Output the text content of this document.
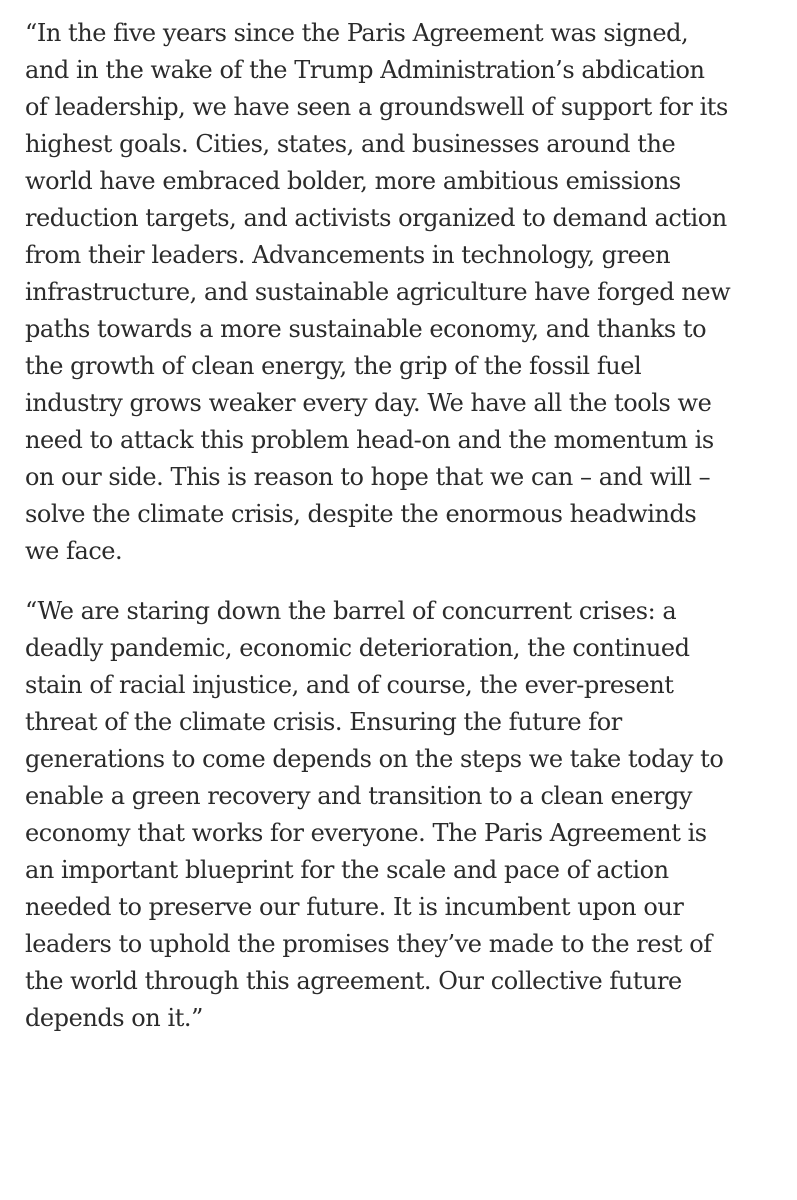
“In the five years since the Paris Agreement was signed,
and in the wake of the Trump Administration’s abdication
of leadership, we have seen a groundswell of support for its
highest goals. Cities, states, and businesses around the
world have embraced bolder, more ambitious emissions
reduction targets, and activists organized to demand action
from their leaders. Advancements in technology, green
infrastructure, and sustainable agriculture have forged new
paths towards a more sustainable economy, and thanks to
the growth of clean energy, the grip of the fossil fuel
industry grows weaker every day. We have all the tools we
need to attack this problem head-on and the momentum is
on our side. This is reason to hope that we can – and will –
solve the climate crisis, despite the enormous headwinds
we face.

“We are staring down the barrel of concurrent crises: a
deadly pandemic, economic deterioration, the continued
stain of racial injustice, and of course, the ever-present
threat of the climate crisis. Ensuring the future for
generations to come depends on the steps we take today to
enable a green recovery and transition to a clean energy
economy that works for everyone. The Paris Agreement is
an important blueprint for the scale and pace of action
needed to preserve our future. It is incumbent upon our
leaders to uphold the promises they’ve made to the rest of
the world through this agreement. Our collective future
depends on it.”
